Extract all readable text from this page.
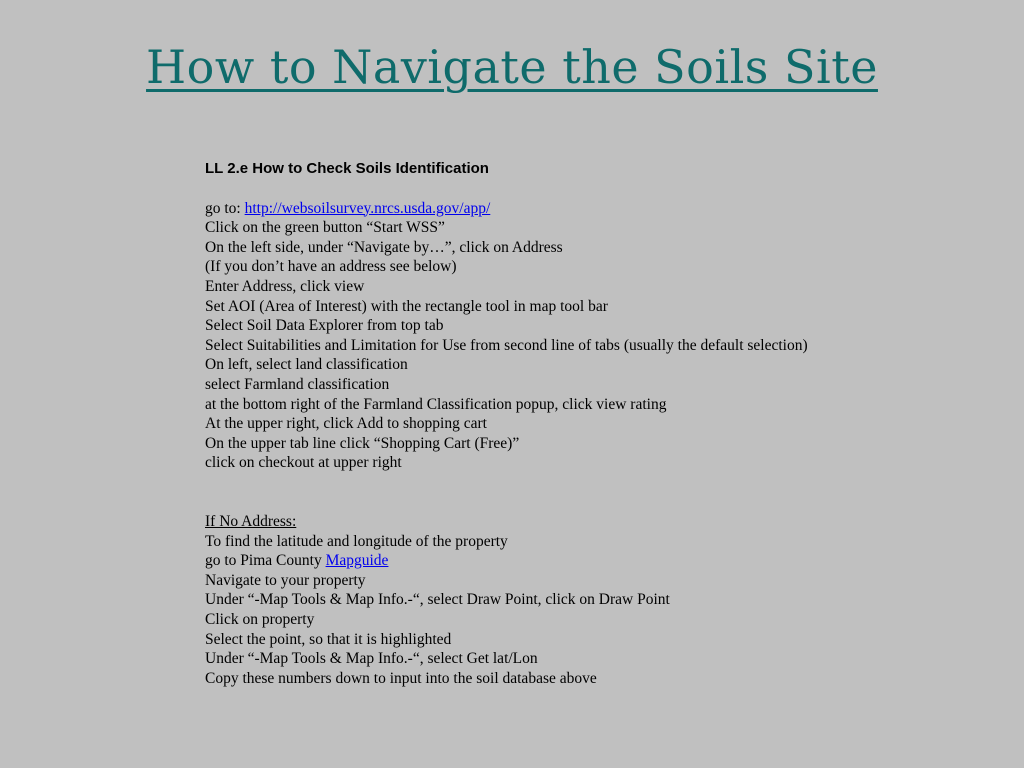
How to Navigate the Soils Site

LL 2.e How to Check Soils Identification

go to: http://websoilsurvey.nrcs.usda.gov/app/
Click on the green button “Start WSS”
On the left side, under “Navigate by…”, click on Address
(If you don’t have an address see below)
Enter Address, click view
Set AOI (Area of Interest) with the rectangle tool in map tool bar
Select Soil Data Explorer from top tab
Select Suitabilities and Limitation for Use from second line of tabs (usually the default selection)
On left, select land classification
select Farmland classification
at the bottom right of the Farmland Classification popup, click view rating
At the upper right, click Add to shopping cart
On the upper tab line click “Shopping Cart (Free)”
click on checkout at upper right
If No Address:
To find the latitude and longitude of the property
go to Pima County Mapguide
Navigate to your property
Under “-Map Tools & Map Info.-“, select Draw Point, click on Draw Point
Click on property
Select the point, so that it is highlighted
Under “-Map Tools & Map Info.-“, select Get lat/Lon
Copy these numbers down to input into the soil database above
